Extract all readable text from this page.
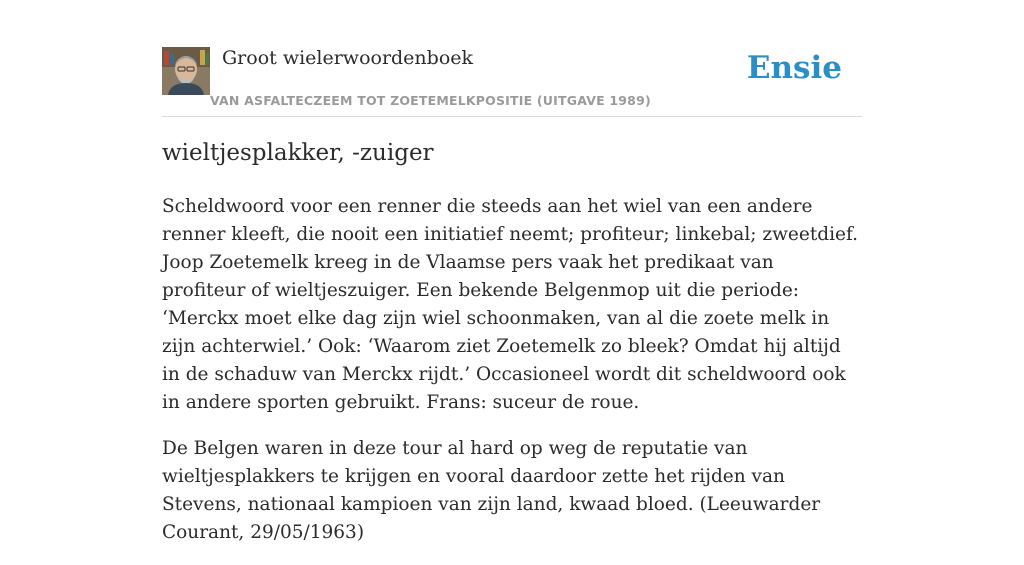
Groot wielerwoordenboek
VAN ASFALTECZEEM TOT ZOETEMELKPOSITIE (UITGAVE 1989)
Ensie
wieltjesplakker, -zuiger

Scheldwoord voor een renner die steeds aan het wiel van een andere renner kleeft, die nooit een initiatief neemt; profiteur; linkebal; zweetdief. Joop Zoetemelk kreeg in de Vlaamse pers vaak het predikaat van profiteur of wieltjeszuiger. Een bekende Belgenmop uit die periode: ‘Merckx moet elke dag zijn wiel schoonmaken, van al die zoete melk in zijn achterwiel.’ Ook: ‘Waarom ziet Zoetemelk zo bleek? Omdat hij altijd in de schaduw van Merckx rijdt.’ Occasioneel wordt dit scheldwoord ook in andere sporten gebruikt. Frans: suceur de roue.

De Belgen waren in deze tour al hard op weg de reputatie van wieltjesplakkers te krijgen en vooral daardoor zette het rijden van Stevens, nationaal kampioen van zijn land, kwaad bloed. (Leeuwarder Courant, 29/05/1963)
